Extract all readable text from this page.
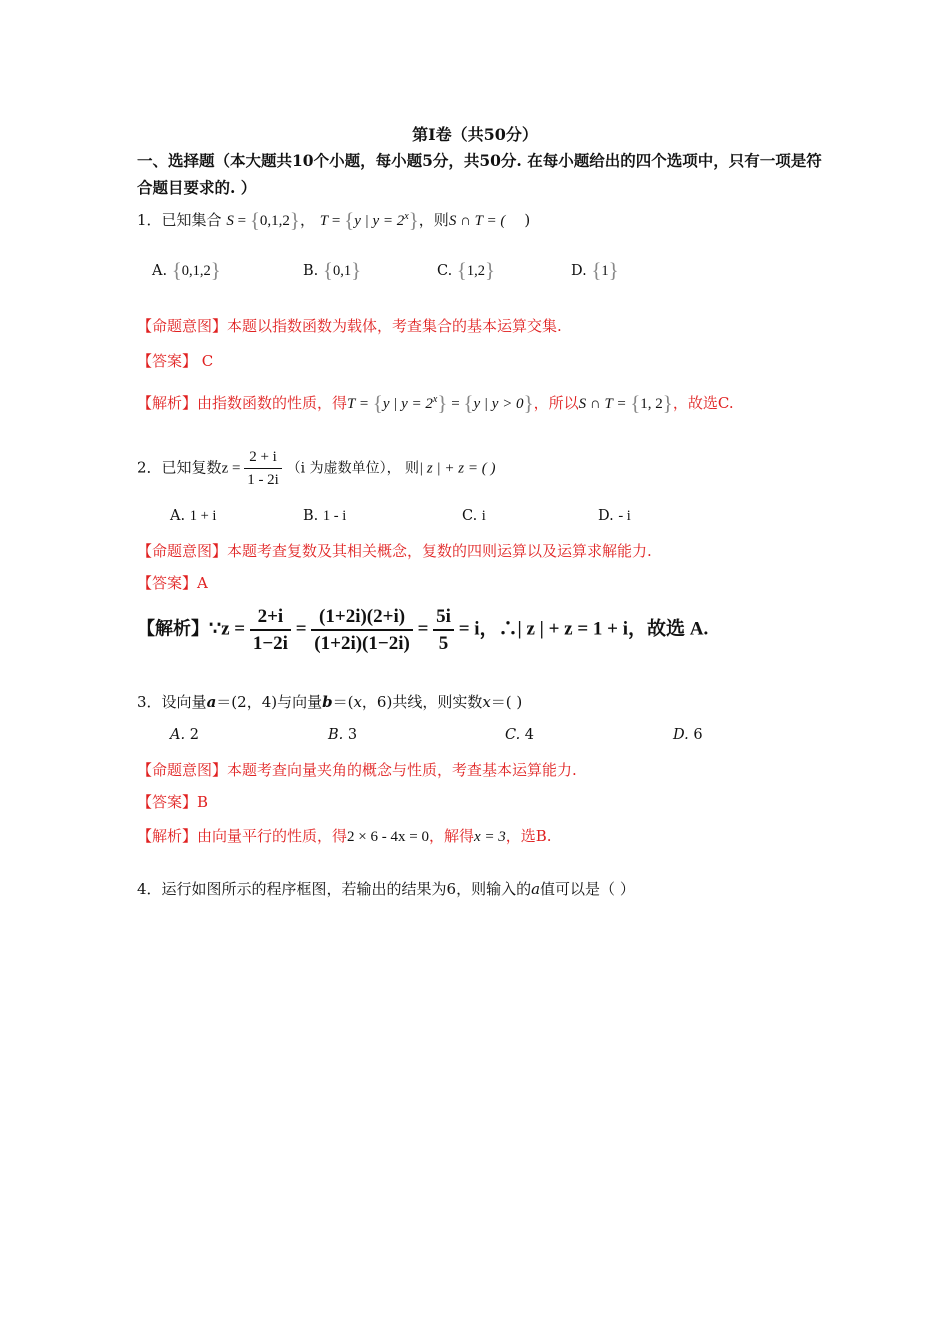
第Ⅰ卷（共50分）
一、选择题（本大题共10个小题，每小题5分，共50分. 在每小题给出的四个选项中，只有一项是符合题目要求的. ）
1．已知集合 S = {0,1,2}， T = {y | $y = 2^x$}，则S ∩ T = ( )
A. {0,1,2}	B. {0,1}	C. {1,2}	D. {1}
【命题意图】本题以指数函数为载体，考查集合的基本运算交集.
【答案】 C
【解析】由指数函数的性质，得T = {y | $y = 2^x\} = \{y$ | y > 0}，所以S ∩ T = {1, 2}，故选C.
2．已知复数$z = \frac{2 + i}{1 - 2i} (i$ 为虚数单位）， 则| z | + z = ( )
A. 1 + i	B. 1 - i	C. i	D. - i
【命题意图】本题考查复数及其相关概念，复数的四则运算以及运算求解能力.
【答案】A
【解析】∵z = $\frac{2+i}{1-2i} = \frac{(1+2i)(2+i)}{(1+2i)(1-2i)} = \frac{5i}{5} = i$，∴| z | + z = 1 + i，故选 A.
3．设向量a＝(2，4)与向量b＝(x，6)共线，则实数x＝( )
A. 2	B. 3	C. 4	D. 6
【命题意图】本题考查向量夹角的概念与性质，考查基本运算能力.
【答案】B
【解析】由向量平行的性质，得2 × 6 - 4x = 0，解得x = 3，选B.
4．运行如图所示的程序框图，若输出的结果为6，则输入的a值可以是（ ）
